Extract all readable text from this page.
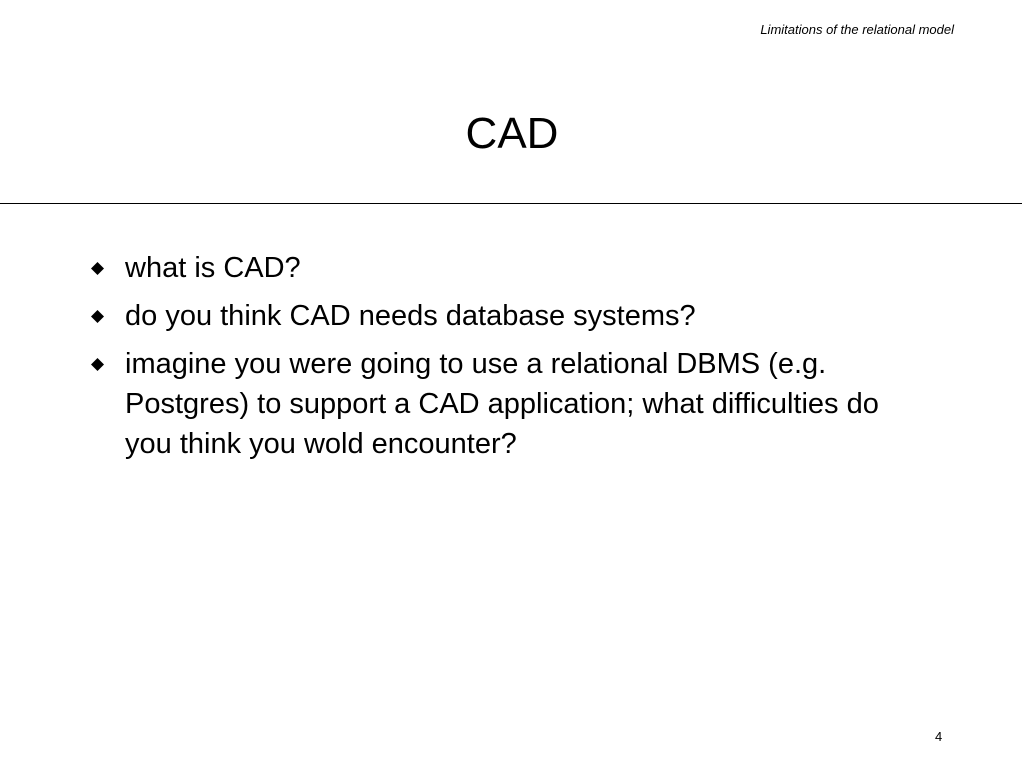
Limitations of the relational model
CAD
what is CAD?
do you think CAD needs database systems?
imagine you were going to use a relational DBMS (e.g. Postgres) to support a CAD application; what difficulties do you think you wold encounter?
4
